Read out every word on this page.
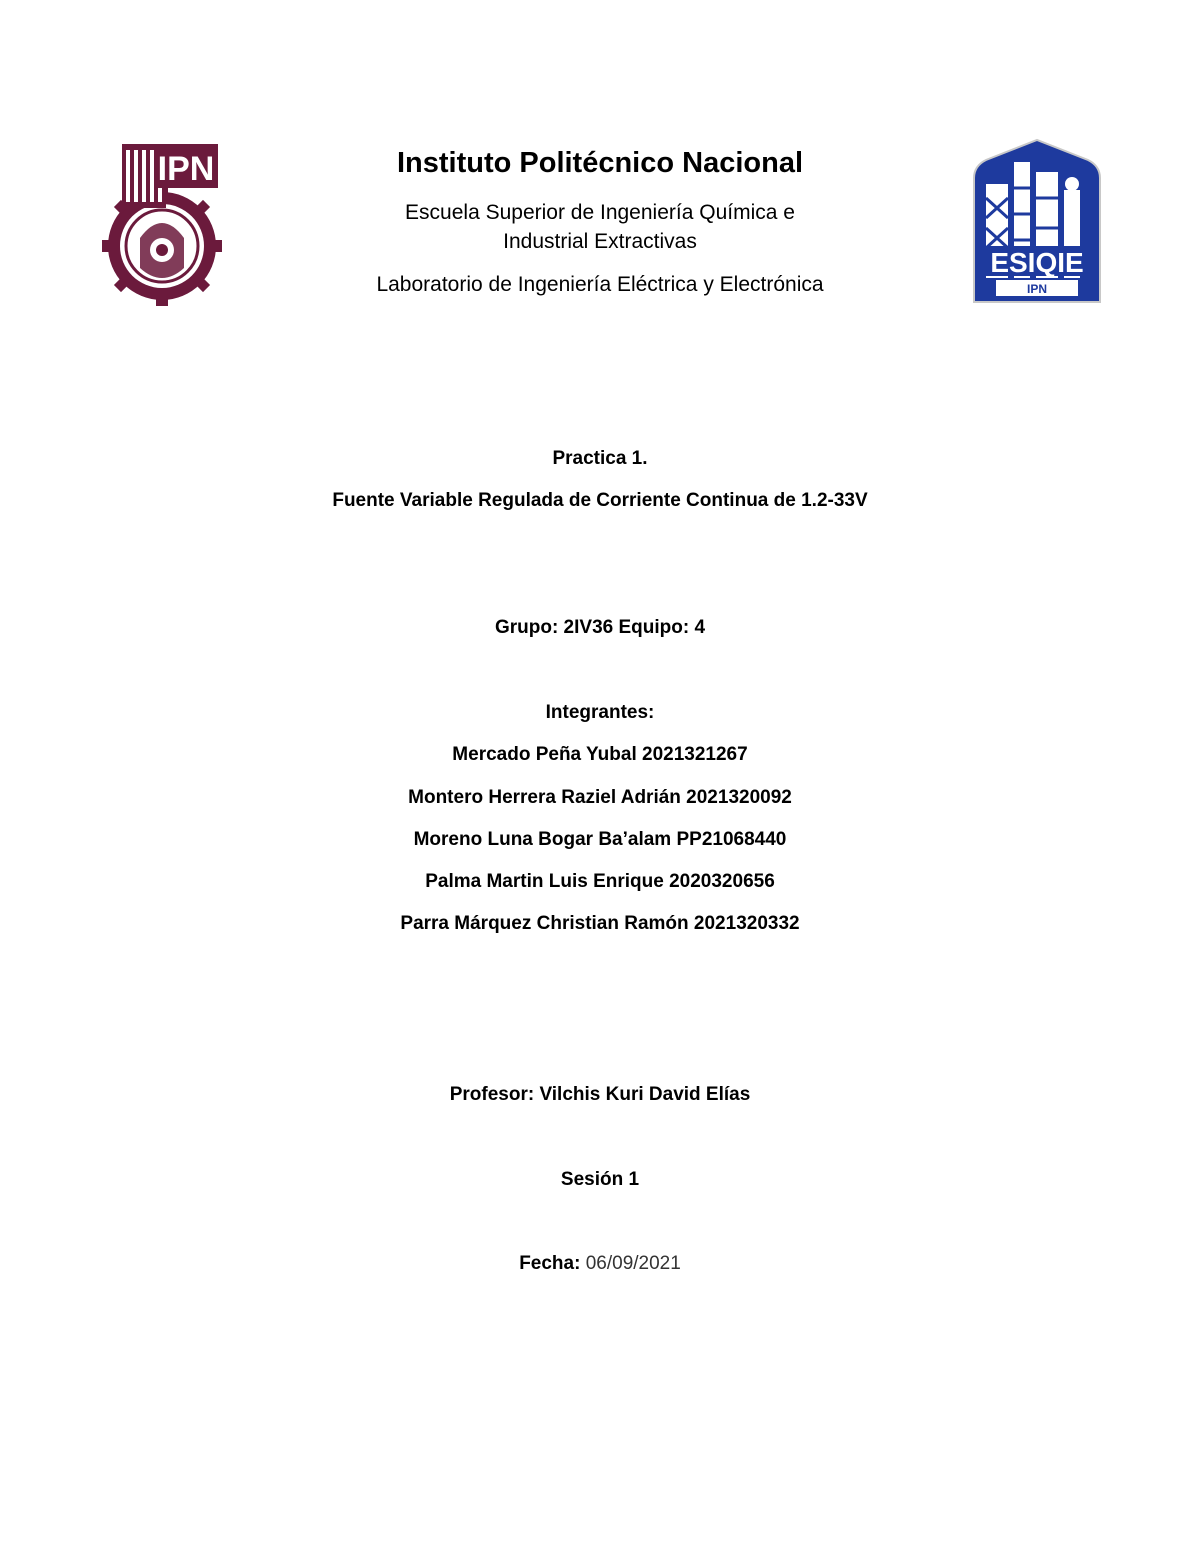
IPN
ESIQIE
IPN

Instituto Politécnico Nacional

Escuela Superior de Ingeniería Química e
Industrial Extractivas

Laboratorio de Ingeniería Eléctrica y Electrónica

Practica 1.
Fuente Variable Regulada de Corriente Continua de 1.2-33V
Grupo: 2IV36 Equipo: 4
Integrantes:
Mercado Peña Yubal 2021321267
Montero Herrera Raziel Adrián 2021320092
Moreno Luna Bogar Ba’alam PP21068440
Palma Martin Luis Enrique 2020320656
Parra Márquez Christian Ramón 2021320332
Profesor: Vilchis Kuri David Elías
Sesión 1
Fecha: 06/09/2021
